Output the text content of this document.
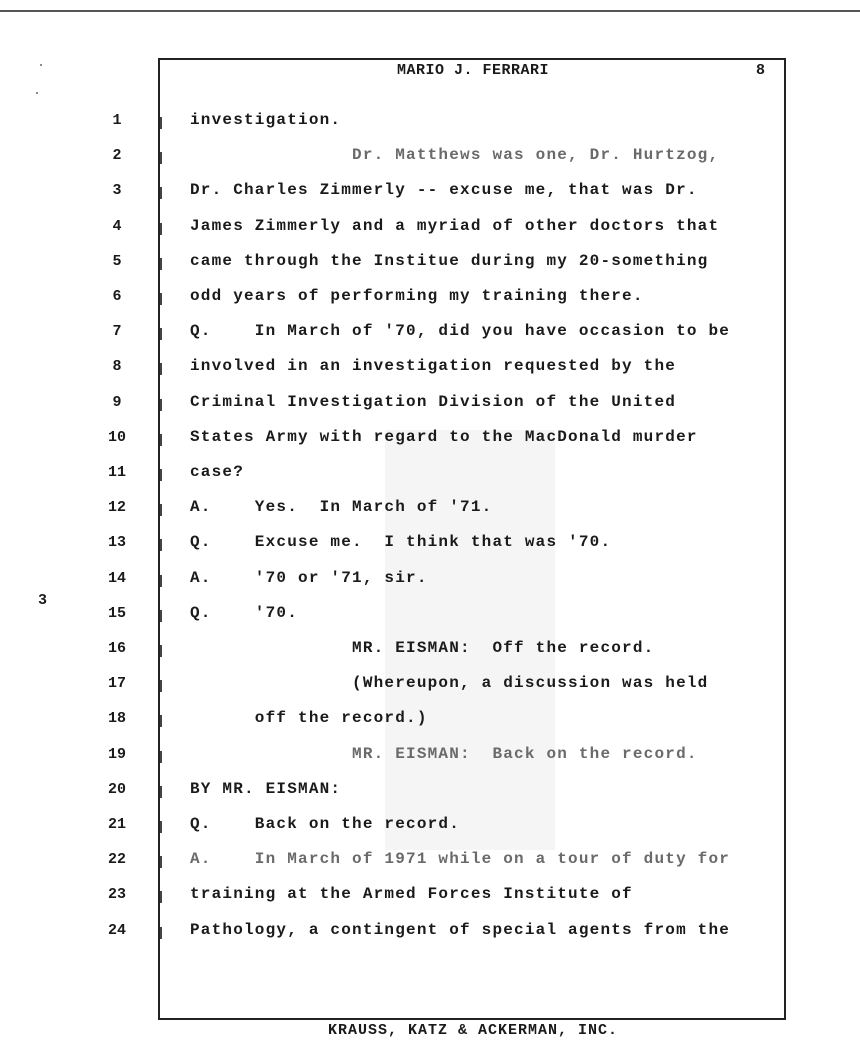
MARIO J. FERRARI	8
3
1	investigation.
2	Dr. Matthews was one, Dr. Hurtzog,
3	Dr. Charles Zimmerly -- excuse me, that was Dr.
4	James Zimmerly and a myriad of other doctors that
5	came through the Institue during my 20-something
6	odd years of performing my training there.
7	Q.    In March of '70, did you have occasion to be
8	involved in an investigation requested by the
9	Criminal Investigation Division of the United
10	States Army with regard to the MacDonald murder
11	case?
12	A.    Yes.  In March of '71.
13	Q.    Excuse me.  I think that was '70.
14	A.    '70 or '71, sir.
15	Q.    '70.
16	MR. EISMAN:  Off the record.
17	(Whereupon, a discussion was held
18	off the record.)
19	MR. EISMAN:  Back on the record.
20	BY MR. EISMAN:
21	Q.    Back on the record.
22	A.    In March of 1971 while on a tour of duty for
23	training at the Armed Forces Institute of
24	Pathology, a contingent of special agents from the
KRAUSS, KATZ & ACKERMAN, INC.
